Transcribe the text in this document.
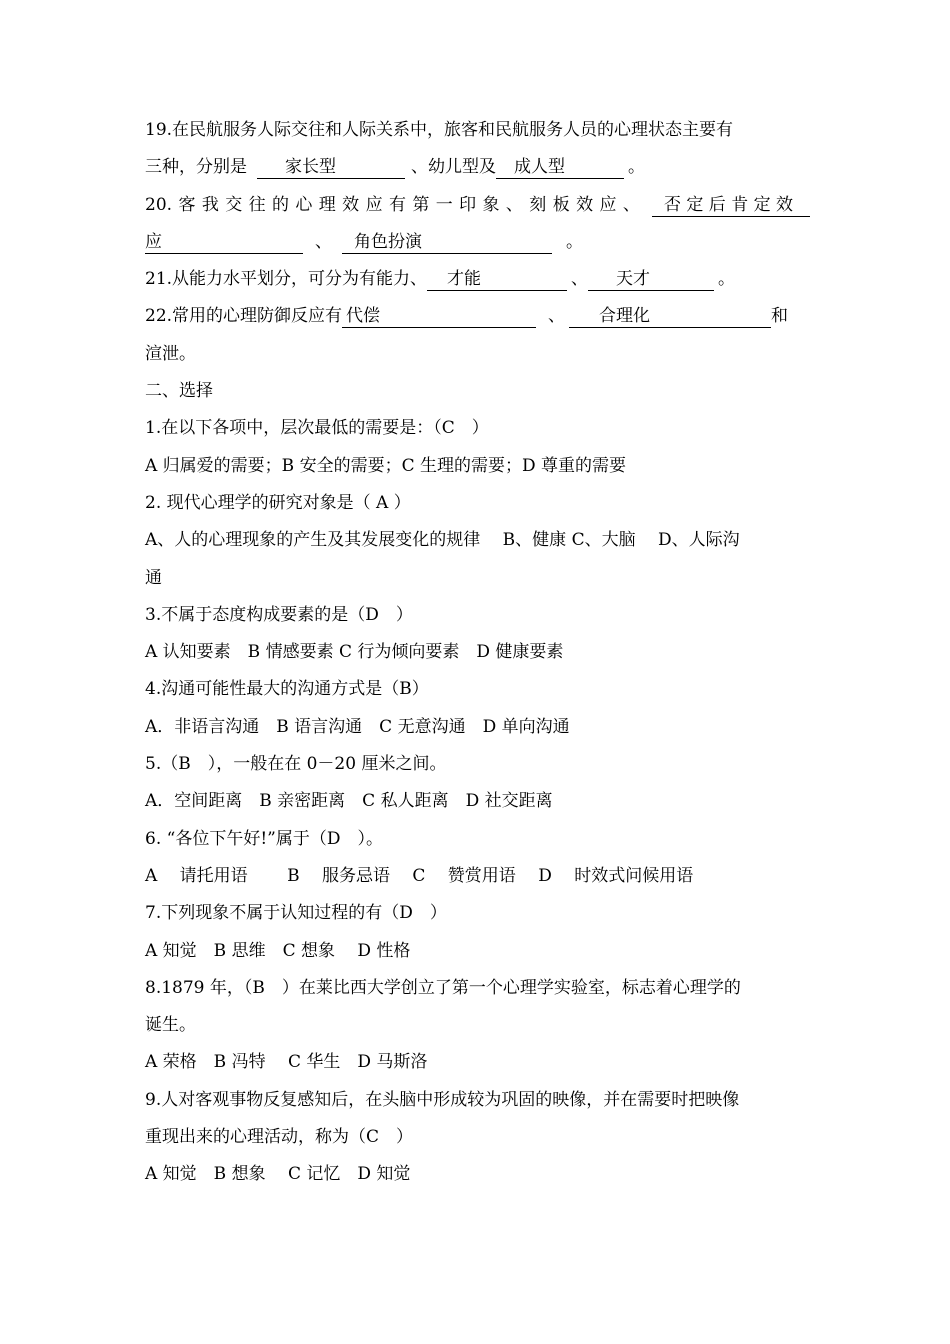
19.在民航服务人际交往和人际关系中，旅客和民航服务人员的心理状态主要有
三种，分别是 家长型	、幼儿型及 成人型	。
20. 客 我 交 往 的 心 理 效 应 有 第 一 印 象 、 刻 板 效 应 、	否 定 后 肯 定 效
应	、 角色扮演	。
21.从能力水平划分，可分为有能力、 才能	、 天才	。
22.常用的心理防御反应有 代偿	、 合理化	和
渲泄。
二、选择
1.在以下各项中，层次最低的需要是：（C　）
A 归属爱的需要；B 安全的需要；C 生理的需要；D 尊重的需要
2. 现代心理学的研究对象是（ A ）
A、人的心理现象的产生及其发展变化的规律　 B、健康 C、大脑　 D、人际沟
通
3.不属于态度构成要素的是（D　）
A 认知要素　B 情感要素 C 行为倾向要素　D 健康要素
4.沟通可能性最大的沟通方式是（B）
A．非语言沟通　B 语言沟通　C 无意沟通　D 单向沟通
5.（B　），一般在在 0－20 厘米之间。
A．空间距离　B 亲密距离　C 私人距离　D 社交距离
6. “各位下午好!”属于（D　）。
A　 请托用语　　 B　 服务忌语　 C　 赞赏用语　 D　 时效式问候用语
7.下列现象不属于认知过程的有（D　）
A 知觉　B 思维　C 想象　 D 性格
8.1879 年，（B　）在莱比西大学创立了第一个心理学实验室，标志着心理学的
诞生。
A 荣格　B 冯特　 C 华生　D 马斯洛
9.人对客观事物反复感知后，在头脑中形成较为巩固的映像，并在需要时把映像
重现出来的心理活动，称为（C　）
A 知觉　B 想象　 C 记忆　D 知觉
